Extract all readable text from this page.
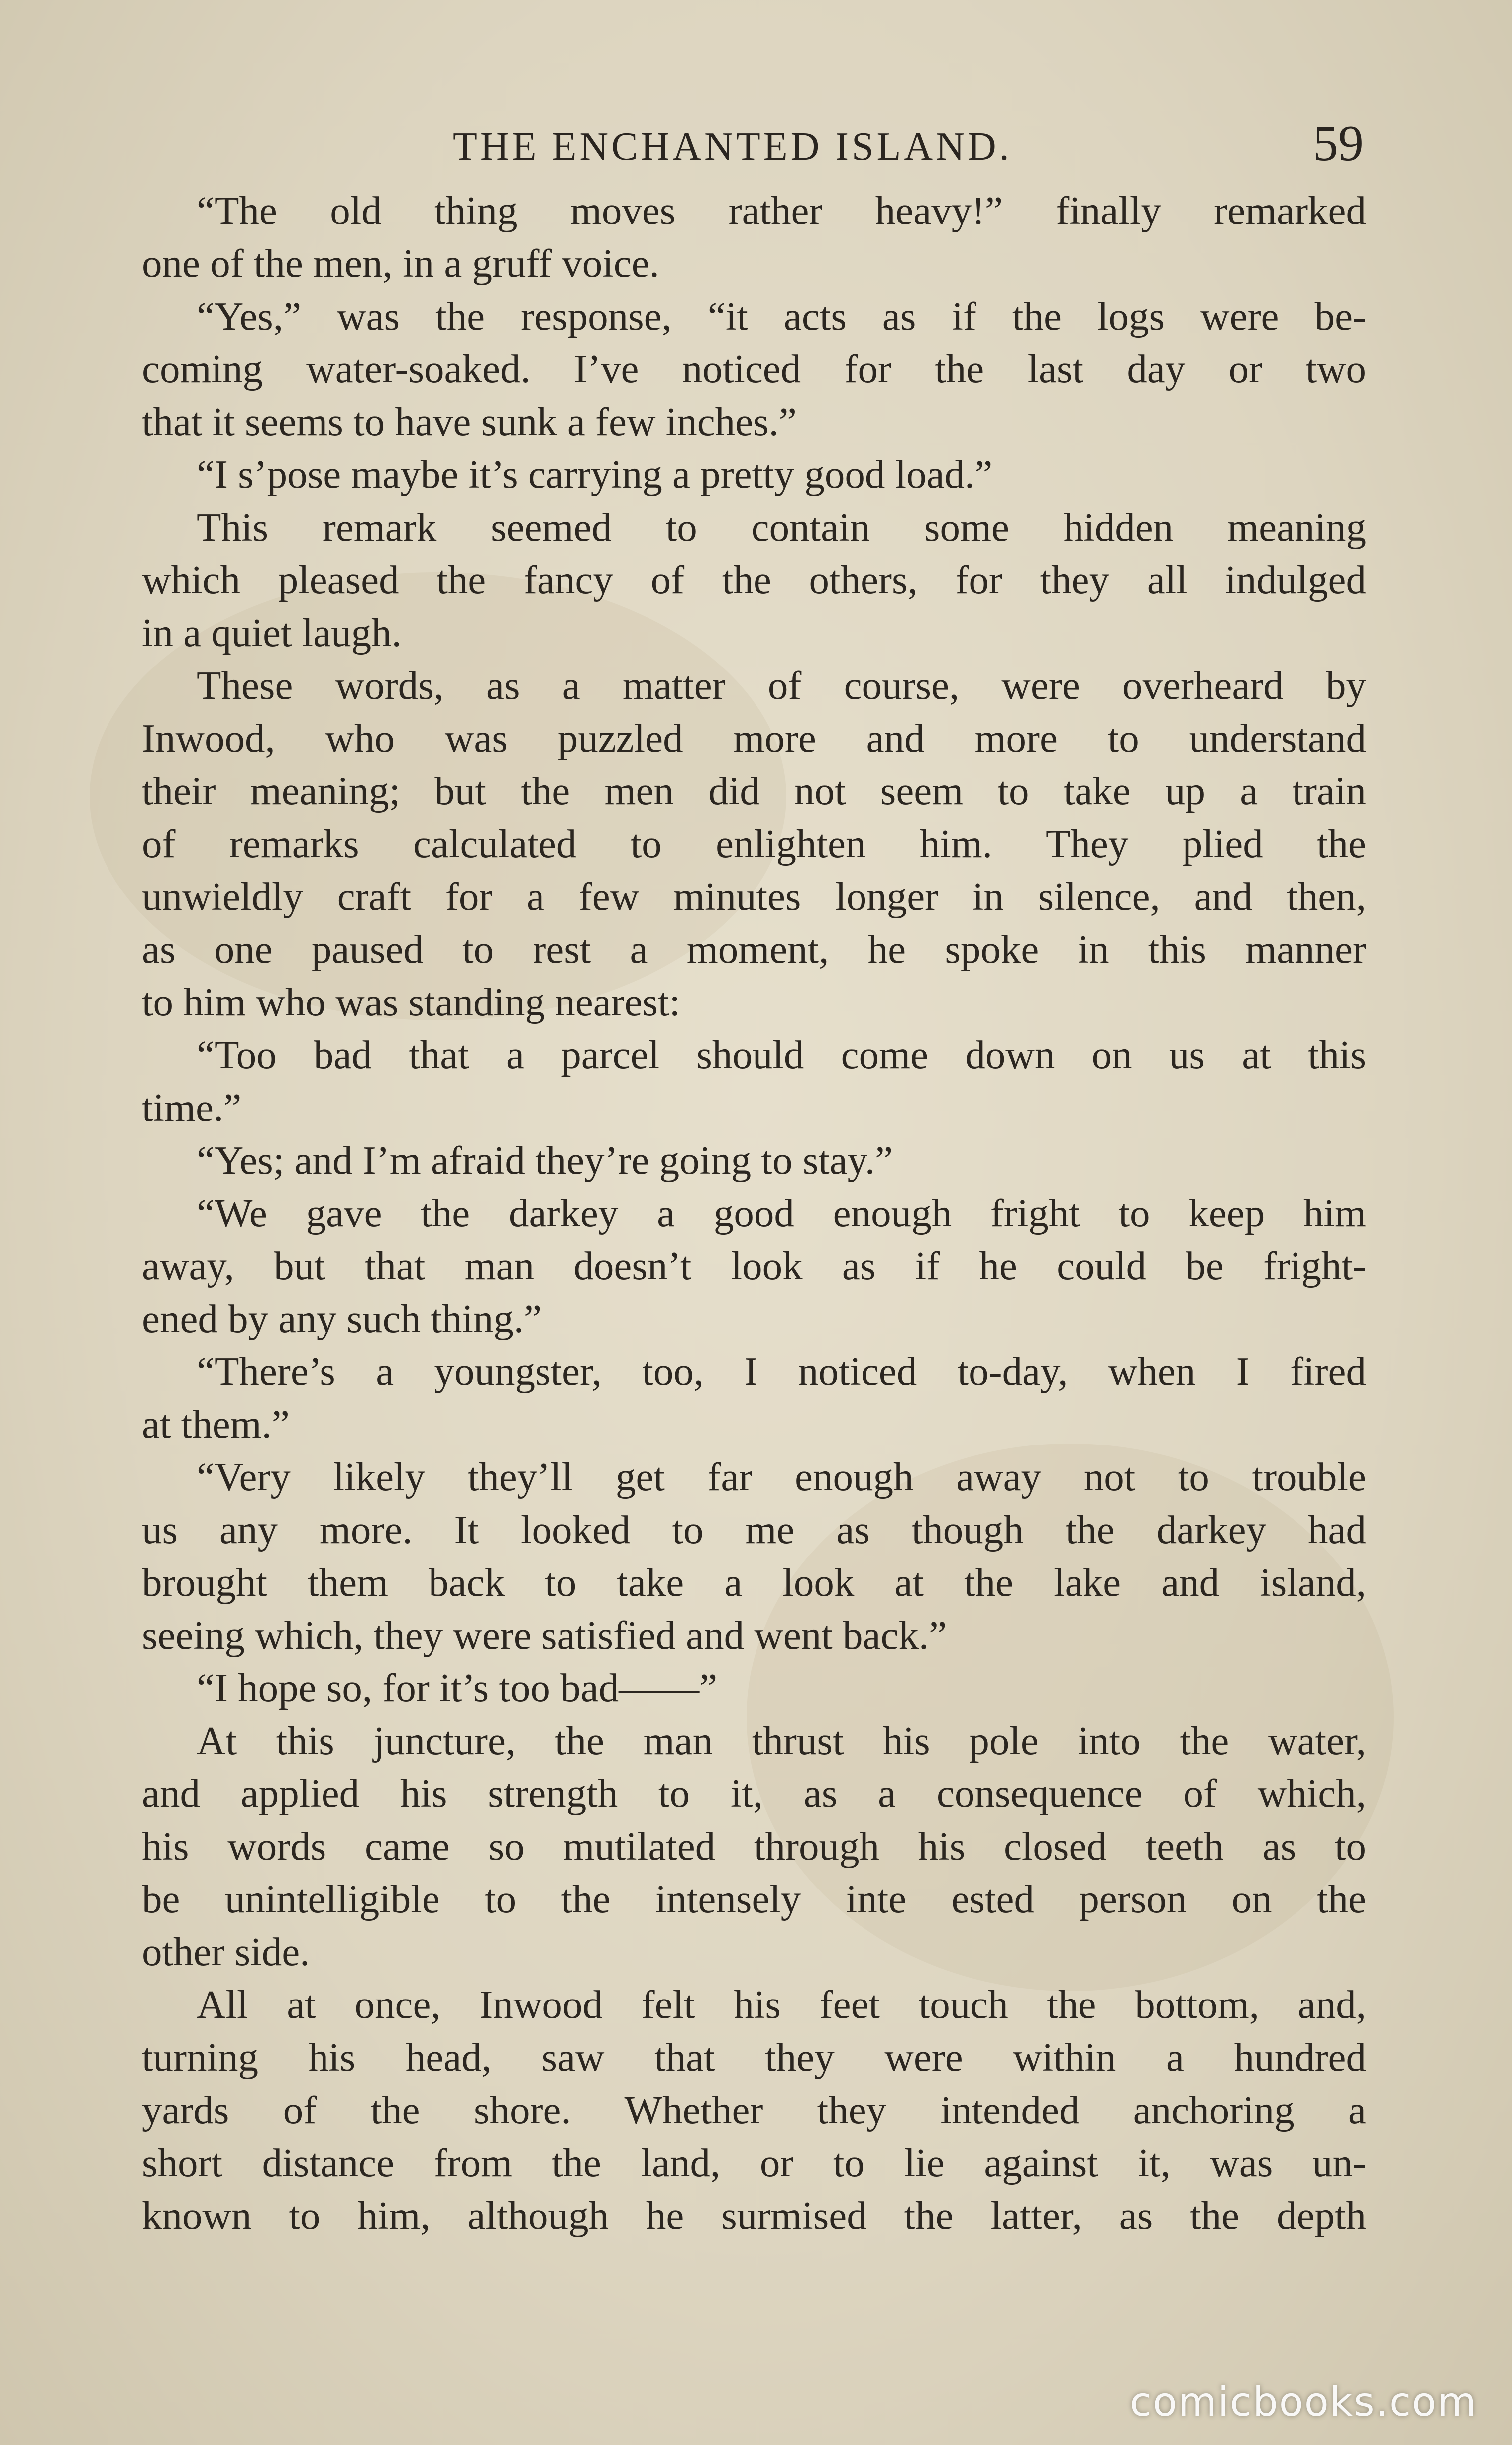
THE ENCHANTED ISLAND.	59
“The old thing moves rather heavy!” finally remarked
one of the men, in a gruff voice.
“Yes,” was the response, “it acts as if the logs were be-
coming water-soaked. I’ve noticed for the last day or two
that it seems to have sunk a few inches.”
“I s’pose maybe it’s carrying a pretty good load.”
This remark seemed to contain some hidden meaning
which pleased the fancy of the others, for they all indulged
in a quiet laugh.
These words, as a matter of course, were overheard by
Inwood, who was puzzled more and more to understand
their meaning; but the men did not seem to take up a train
of remarks calculated to enlighten him. They plied the
unwieldly craft for a few minutes longer in silence, and then,
as one paused to rest a moment, he spoke in this manner
to him who was standing nearest:
“Too bad that a parcel should come down on us at this
time.”
“Yes; and I’m afraid they’re going to stay.”
“We gave the darkey a good enough fright to keep him
away, but that man doesn’t look as if he could be fright-
ened by any such thing.”
“There’s a youngster, too, I noticed to-day, when I fired
at them.”
“Very likely they’ll get far enough away not to trouble
us any more. It looked to me as though the darkey had
brought them back to take a look at the lake and island,
seeing which, they were satisfied and went back.”
“I hope so, for it’s too bad——”
At this juncture, the man thrust his pole into the water,
and applied his strength to it, as a consequence of which,
his words came so mutilated through his closed teeth as to
be unintelligible to the intensely inte ested person on the
other side.
All at once, Inwood felt his feet touch the bottom, and,
turning his head, saw that they were within a hundred
yards of the shore. Whether they intended anchoring a
short distance from the land, or to lie against it, was un-
known to him, although he surmised the latter, as the depth
comicbooks.com
